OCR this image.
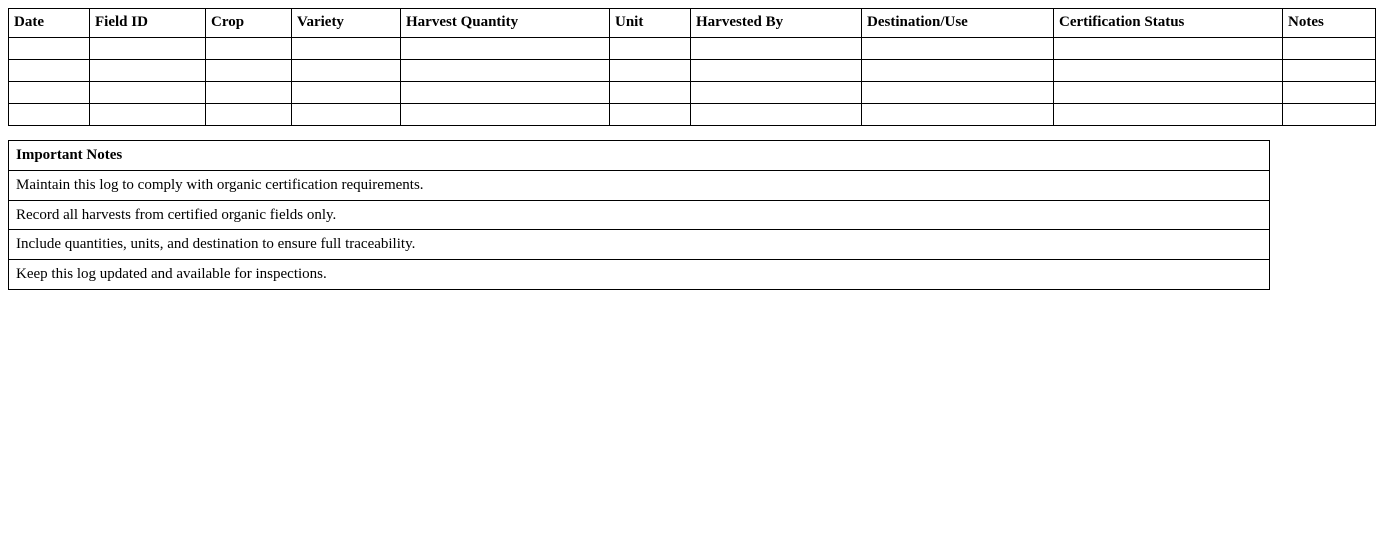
Date	Field ID	Crop	Variety	Harvest Quantity	Unit	Harvested By	Destination/Use	Certification Status	Notes

Important Notes
Maintain this log to comply with organic certification requirements.
Record all harvests from certified organic fields only.
Include quantities, units, and destination to ensure full traceability.
Keep this log updated and available for inspections.
